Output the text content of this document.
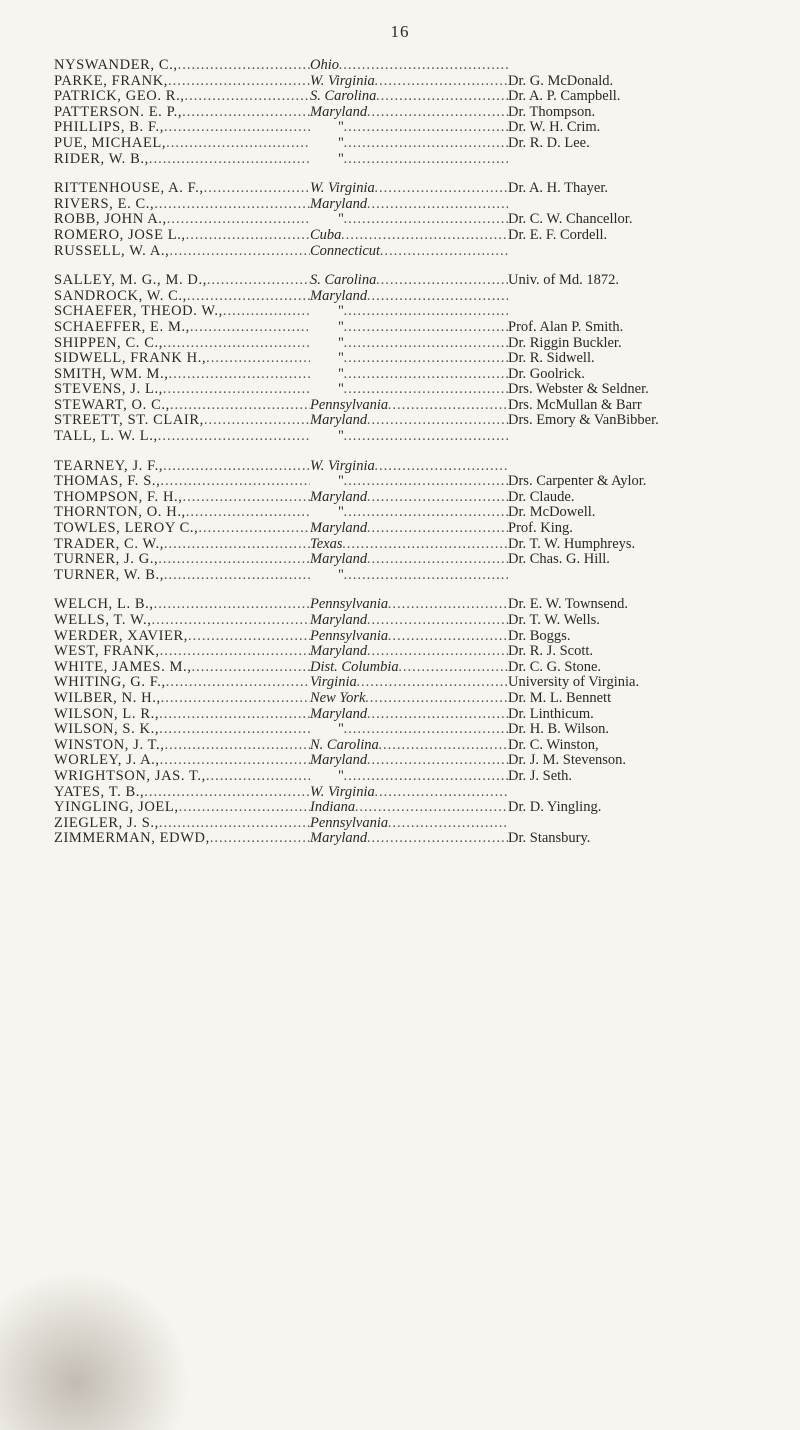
16
NYSWANDER, C., .....	Ohio .....
PARKE, FRANK, .....	W. Virginia .....	Dr. G. McDonald.
PATRICK, GEO. R., .....	S. Carolina .....	Dr. A. P. Campbell.
PATTERSON. E. P., .....	Maryland .....	Dr. Thompson.
PHILLIPS, B. F., .....	" .....	Dr. W. H. Crim.
PUE, MICHAEL, .....	" .....	Dr. R. D. Lee.
RIDER, W. B., .....	" .....
RITTENHOUSE, A. F., .....	W. Virginia .....	Dr. A. H. Thayer.
RIVERS, E. C., .....	Maryland .....
ROBB, JOHN A., .....	" .....	Dr. C. W. Chancellor.
ROMERO, JOSE L., .....	Cuba .....	Dr. E. F. Cordell.
RUSSELL, W. A., .....	Connecticut .....
SALLEY, M. G., M. D., .....	S. Carolina .....	Univ. of Md. 1872.
SANDROCK, W. C., .....	Maryland .....
SCHAEFER, THEOD. W., .....	" .....
SCHAEFFER, E. M., .....	" .....	Prof. Alan P. Smith.
SHIPPEN, C. C., .....	" .....	Dr. Riggin Buckler.
SIDWELL, FRANK H., .....	" .....	Dr. R. Sidwell.
SMITH, WM. M., .....	" .....	Dr. Goolrick.
STEVENS, J. L., .....	" .....	Drs. Webster & Seldner.
STEWART, O. C., .....	Pennsylvania .....	Drs. McMullan & Barr
STREETT, ST. CLAIR, .....	Maryland .....	Drs. Emory & VanBibber.
TALL, L. W. L., .....	" .....
TEARNEY, J. F., .....	W. Virginia .....
THOMAS, F. S., .....	" .....	Drs. Carpenter & Aylor.
THOMPSON, F. H., .....	Maryland .....	Dr. Claude.
THORNTON, O. H., .....	" .....	Dr. McDowell.
TOWLES, LEROY C., .....	Maryland .....	Prof. King.
TRADER, C. W., .....	Texas .....	Dr. T. W. Humphreys.
TURNER, J. G., .....	Maryland .....	Dr. Chas. G. Hill.
TURNER, W. B., .....	" .....
WELCH, L. B., .....	Pennsylvania .....	Dr. E. W. Townsend.
WELLS, T. W., .....	Maryland .....	Dr. T. W. Wells.
WERDER, XAVIER, .....	Pennsylvania .....	Dr. Boggs.
WEST, FRANK, .....	Maryland .....	Dr. R. J. Scott.
WHITE, JAMES. M., .....	Dist. Columbia .....	Dr. C. G. Stone.
WHITING, G. F., .....	Virginia .....	University of Virginia.
WILBER, N. H., .....	New York .....	Dr. M. L. Bennett
WILSON, L. R., .....	Maryland .....	Dr. Linthicum.
WILSON, S. K., .....	" .....	Dr. H. B. Wilson.
WINSTON, J. T., .....	N. Carolina .....	Dr. C. Winston,
WORLEY, J. A., .....	Maryland .....	Dr. J. M. Stevenson.
WRIGHTSON, JAS. T., .....	" .....	Dr. J. Seth.
YATES, T. B., .....	W. Virginia .....
YINGLING, JOEL, .....	Indiana .....	Dr. D. Yingling.
ZIEGLER, J. S., .....	Pennsylvania .....
ZIMMERMAN, EDWD, .....	Maryland .....	Dr. Stansbury.
